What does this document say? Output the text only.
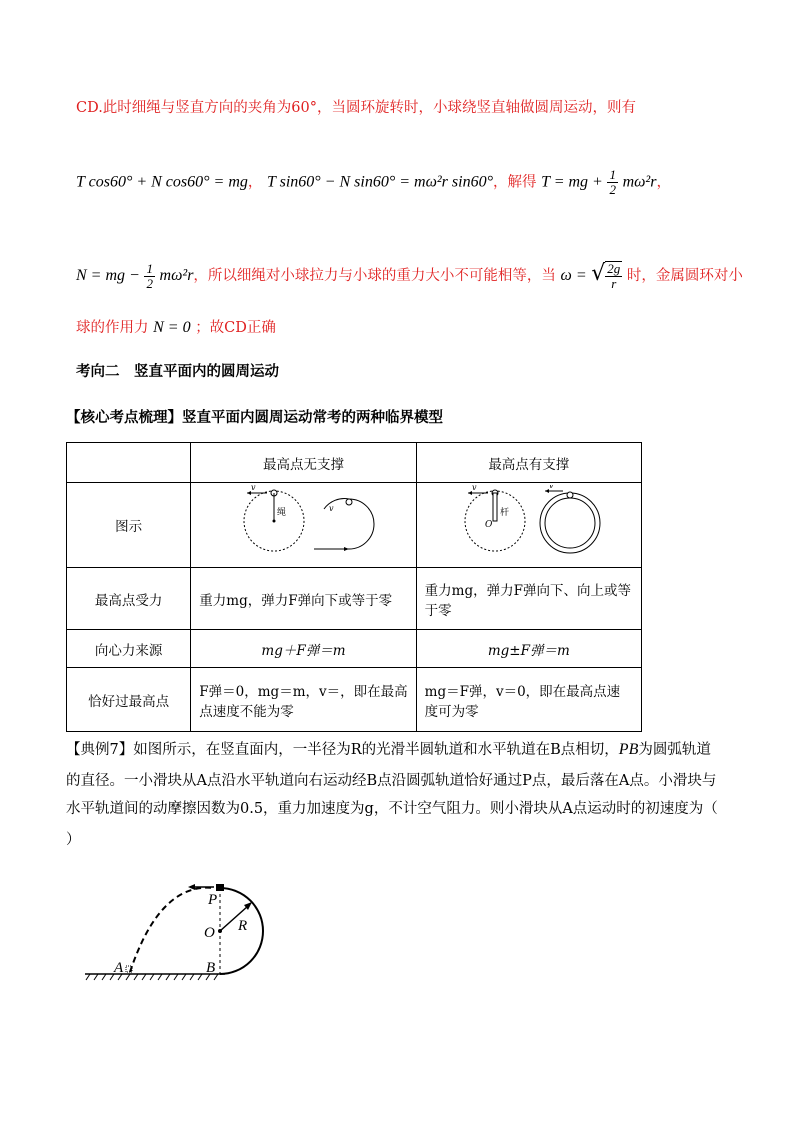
CD.此时细绳与竖直方向的夹角为60°，当圆环旋转时，小球绕竖直轴做圆周运动，则有
T cos60° + N cos60° = mg， T sin60° − N sin60° = mω²r sin60°，解得 T = mg + $\frac{1}{2} m\omega^2r$，
N = mg − $\frac{1}{2} m\omega^2r$，所以细绳对小球拉力与小球的重力大小不可能相等，当 ω = √ $\frac{2g}{r}$ 时，金属圆环对小
球的作用力 N = 0 ；故CD正确
考向二　竖直平面内的圆周运动
【核心考点梳理】竖直平面内圆周运动常考的两种临界模型
	最高点无支撑	最高点有支撑
图示	v
绳 v	v
杆
O
v

最高点受力	重力mg，弹力F弹向下或等于零	重力mg，弹力F弹向下、向上或等于零
向心力来源	mg＋F弹＝m	mg±F弹＝m
恰好过最高点	F弹＝0，mg＝m，v＝，即在最高点速度不能为零	mg＝F弹，v＝0，即在最高点速度可为零
【典例7】如图所示，在竖直面内，一半径为R的光滑半圆轨道和水平轨道在B点相切，PB为圆弧轨道
的直径。一小滑块从A点沿水平轨道向右运动经B点沿圆弧轨道恰好通过P点，最后落在A点。小滑块与
水平轨道间的动摩擦因数为0.5，重力加速度为g，不计空气阻力。则小滑块从A点运动时的初速度为（
）
P
O R
A	B
